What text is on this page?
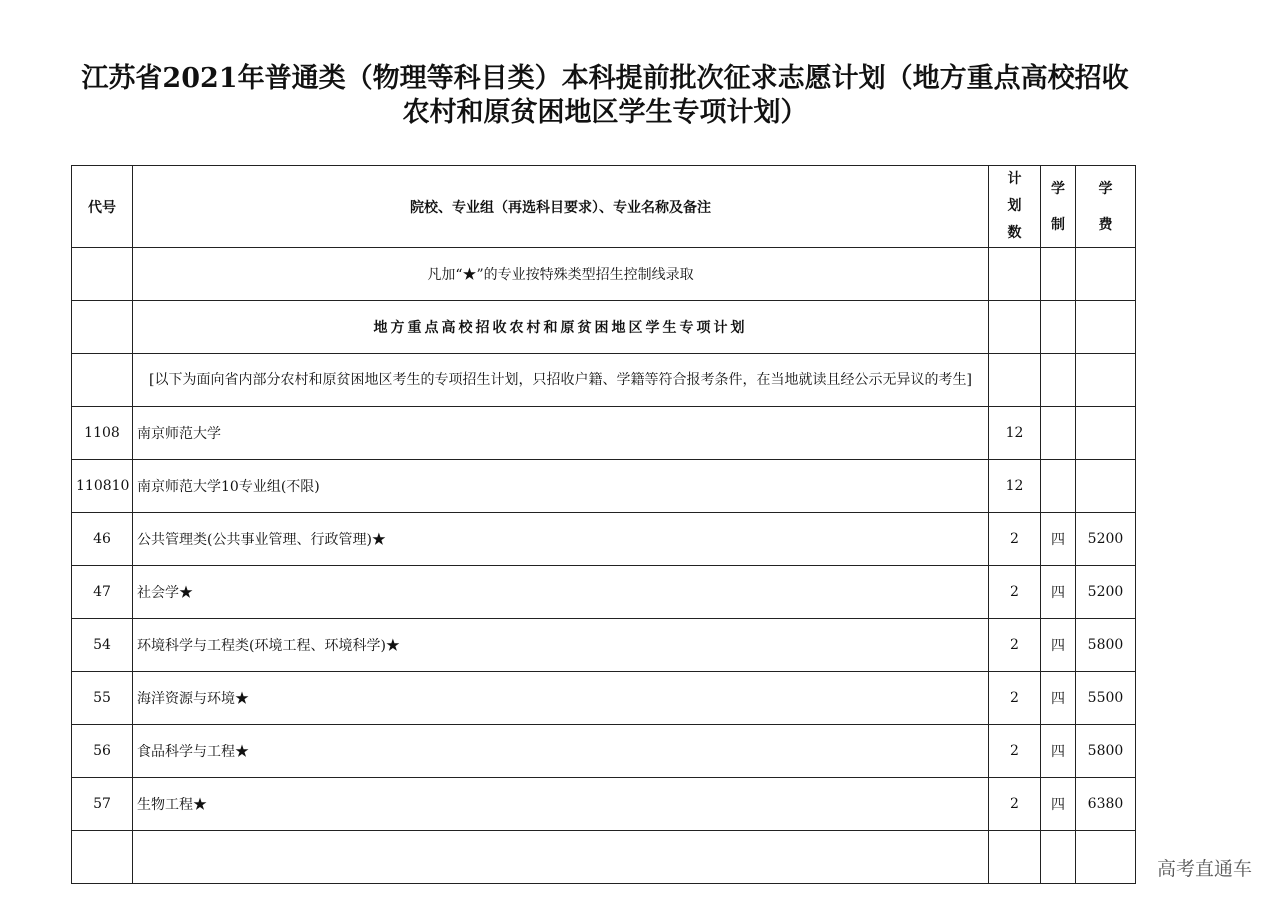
江苏省2021年普通类（物理等科目类）本科提前批次征求志愿计划（地方重点高校招收
农村和原贫困地区学生专项计划）
代号	院校、专业组（再选科目要求）、专业名称及备注	计划数	学制	学费
	凡加“★”的专业按特殊类型招生控制线录取			
	地方重点高校招收农村和原贫困地区学生专项计划			
	[以下为面向省内部分农村和原贫困地区考生的专项招生计划，只招收户籍、学籍等符合报考条件，在当地就读且经公示无异议的考生]			
1108	南京师范大学	12		
110810	南京师范大学10专业组(不限)	12		
46	公共管理类(公共事业管理、行政管理)★	2	四	5200
47	社会学★	2	四	5200
54	环境科学与工程类(环境工程、环境科学)★	2	四	5800
55	海洋资源与环境★	2	四	5500
56	食品科学与工程★	2	四	5800
57	生物工程★	2	四	6380

高考直通车
